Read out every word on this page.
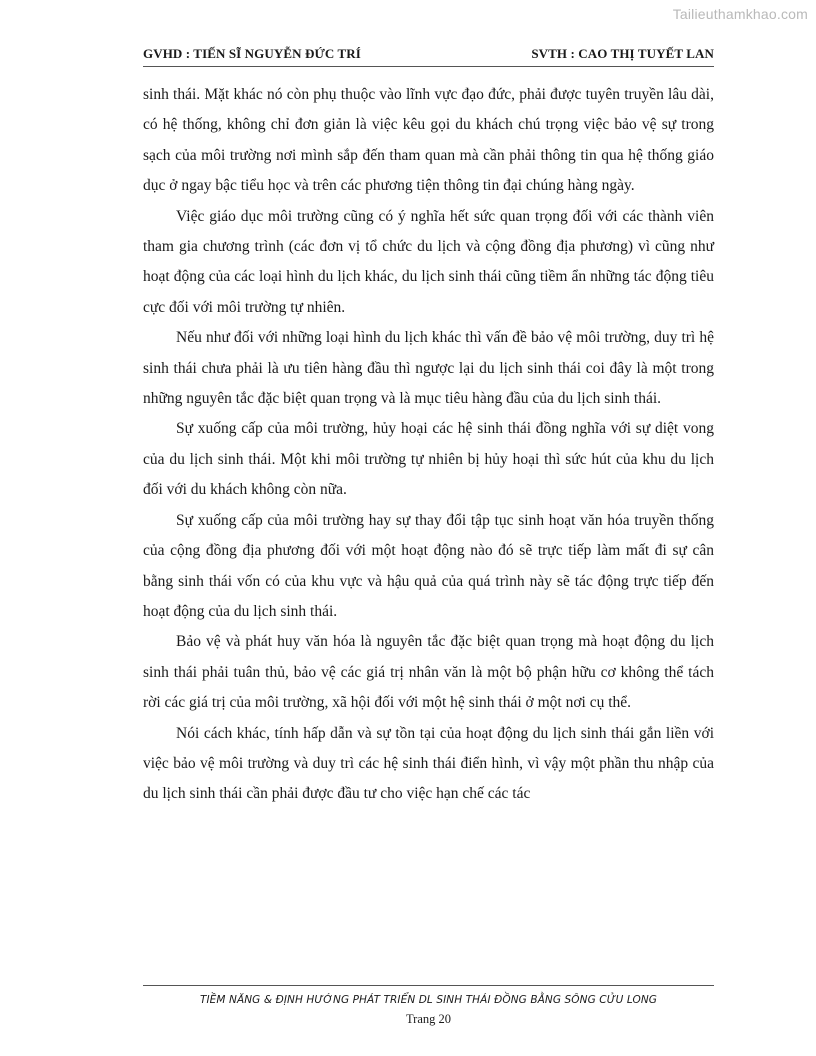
Tailieuthamkhao.com
GVHD : TIẾN SĨ NGUYỄN ĐỨC TRÍ	SVTH : CAO THỊ TUYẾT LAN

sinh thái. Mặt khác nó còn phụ thuộc vào lĩnh vực đạo đức, phải được tuyên truyền lâu dài, có hệ thống, không chỉ đơn giản là việc kêu gọi du khách chú trọng việc bảo vệ sự trong sạch của môi trường nơi mình sắp đến tham quan mà cần phải thông tin qua hệ thống giáo dục ở ngay bậc tiểu học và trên các phương tiện thông tin đại chúng hàng ngày.

Việc giáo dục môi trường cũng có ý nghĩa hết sức quan trọng đối với các thành viên tham gia chương trình (các đơn vị tổ chức du lịch và cộng đồng địa phương) vì cũng như hoạt động của các loại hình du lịch khác, du lịch sinh thái cũng tiềm ẩn những tác động tiêu cực đối với môi trường tự nhiên.

Nếu như đối với những loại hình du lịch khác thì vấn đề bảo vệ môi trường, duy trì hệ sinh thái chưa phải là ưu tiên hàng đầu thì ngược lại du lịch sinh thái coi đây là một trong những nguyên tắc đặc biệt quan trọng và là mục tiêu hàng đầu của du lịch sinh thái.

Sự xuống cấp của môi trường, hủy hoại các hệ sinh thái đồng nghĩa với sự diệt vong của du lịch sinh thái. Một khi môi trường tự nhiên bị hủy hoại thì sức hút của khu du lịch đối với du khách không còn nữa.

Sự xuống cấp của môi trường hay sự thay đổi tập tục sinh hoạt văn hóa truyền thống của cộng đồng địa phương đối với một hoạt động nào đó sẽ trực tiếp làm mất đi sự cân bằng sinh thái vốn có của khu vực và hậu quả của quá trình này sẽ tác động trực tiếp đến hoạt động của du lịch sinh thái.

Bảo vệ và phát huy văn hóa là nguyên tắc đặc biệt quan trọng mà hoạt động du lịch sinh thái phải tuân thủ, bảo vệ các giá trị nhân văn là một bộ phận hữu cơ không thể tách rời các giá trị của môi trường, xã hội đối với một hệ sinh thái ở một nơi cụ thể.

Nói cách khác, tính hấp dẫn và sự tồn tại của hoạt động du lịch sinh thái gắn liền với việc bảo vệ môi trường và duy trì các hệ sinh thái điển hình, vì vậy một phần thu nhập của du lịch sinh thái cần phải được đầu tư cho việc hạn chế các tác

TIỀM NĂNG & ĐỊNH HƯỚNG PHÁT TRIỂN DL SINH THÁI ĐỒNG BẰNG SÔNG CỬU LONG
Trang 20
